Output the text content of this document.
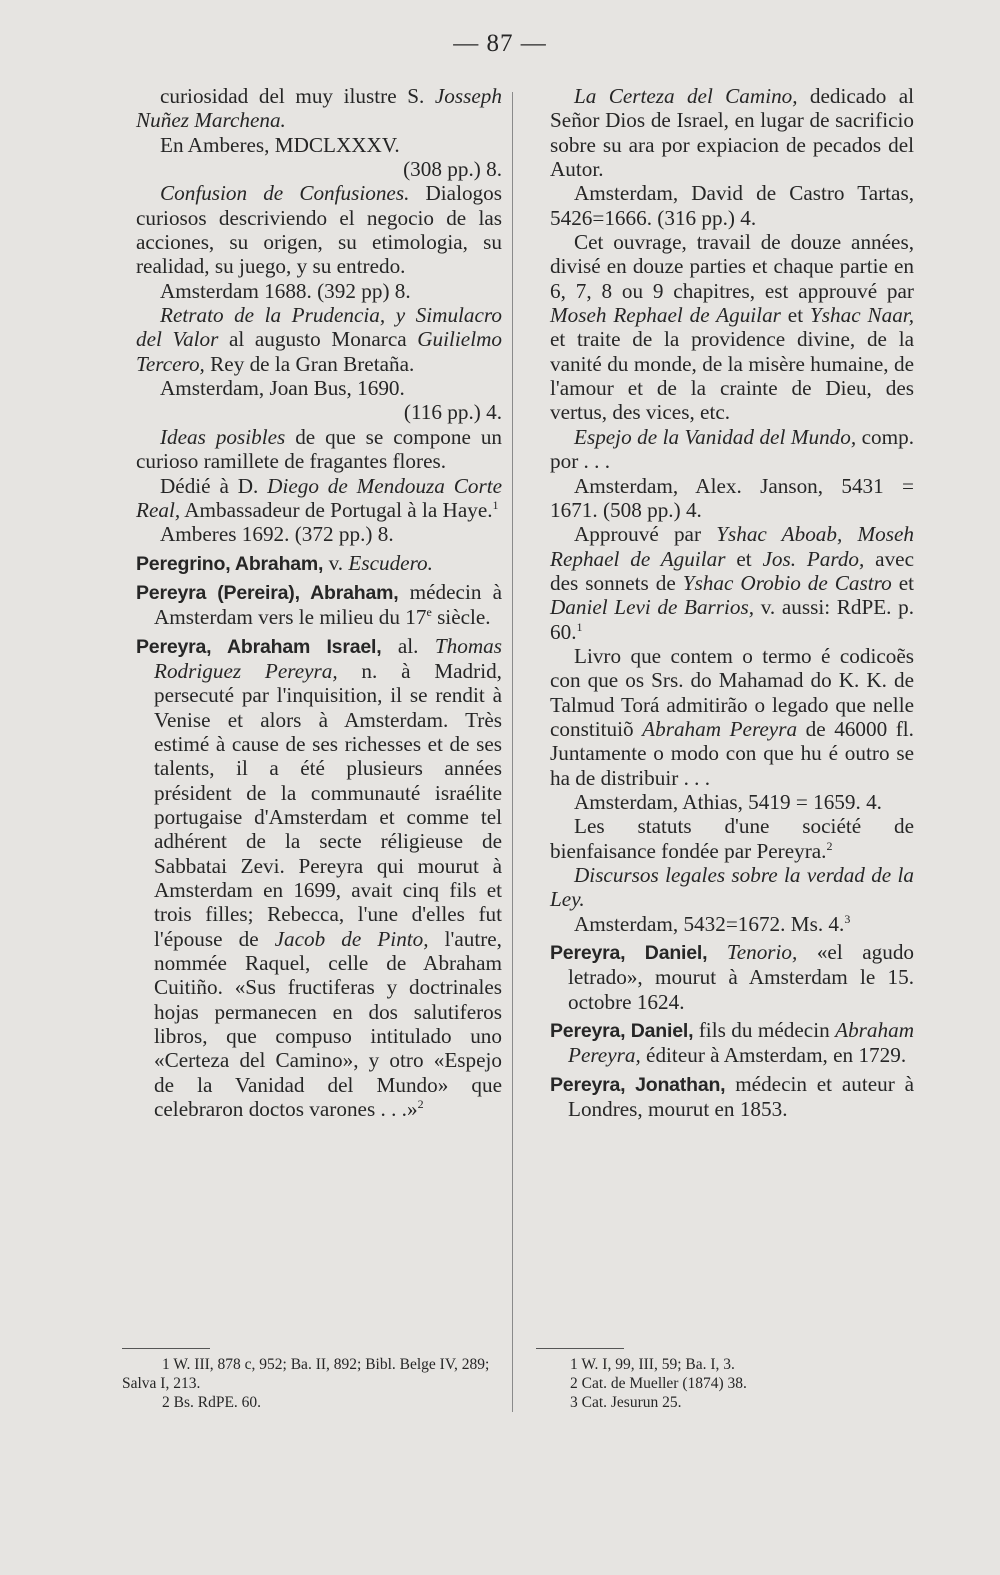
— 87 —

curiosidad del muy ilustre S. Josseph Nuñez Marchena.

En Amberes, MDCLXXXV.

(308 pp.) 8.

Confusion de Confusiones. Dialogos curiosos descriviendo el negocio de las acciones, su origen, su etimologia, su realidad, su juego, y su entredo.

Amsterdam 1688. (392 pp) 8.

Retrato de la Prudencia, y Simulacro del Valor al augusto Monarca Guilielmo Tercero, Rey de la Gran Bretaña.

Amsterdam, Joan Bus, 1690.

(116 pp.) 4.

Ideas posibles de que se compone un curioso ramillete de fragantes flores.

Dédié à D. Diego de Mendouza Corte Real, Ambassadeur de Portugal à la Haye.$^1$

Amberes 1692. (372 pp.) 8.

Peregrino, Abraham, v. Escudero.

Pereyra (Pereira), Abraham, médecin à Amsterdam vers le milieu du 17e siècle.

Pereyra, Abraham Israel, al. Thomas Rodriguez Pereyra, n. à Madrid, persecuté par l'inquisition, il se rendit à Venise et alors à Amsterdam. Très estimé à cause de ses richesses et de ses talents, il a été plusieurs années président de la communauté israélite portugaise d'Amsterdam et comme tel adhérent de la secte réligieuse de Sabbatai Zevi. Pereyra qui mourut à Amsterdam en 1699, avait cinq fils et trois filles; Rebecca, l'une d'elles fut l'épouse de Jacob de Pinto, l'autre, nommée Raquel, celle de Abraham Cuitiño. «Sus fructiferas y doctrinales hojas permanecen en dos salutiferos libros, que compuso intitulado uno «Certeza del Camino», y otro «Espejo de la Vanidad del Mundo» que celebraron doctos varones . . .»$^2$

La Certeza del Camino, dedicado al Señor Dios de Israel, en lugar de sacrificio sobre su ara por expiacion de pecados del Autor.

Amsterdam, David de Castro Tartas, 5426=1666. (316 pp.) 4.

Cet ouvrage, travail de douze années, divisé en douze parties et chaque partie en 6, 7, 8 ou 9 chapitres, est approuvé par Moseh Rephael de Aguilar et Yshac Naar, et traite de la providence divine, de la vanité du monde, de la misère humaine, de l'amour et de la crainte de Dieu, des vertus, des vices, etc.

Espejo de la Vanidad del Mundo, comp. por . . .

Amsterdam, Alex. Janson, 5431 = 1671. (508 pp.) 4.

Approuvé par Yshac Aboab, Moseh Rephael de Aguilar et Jos. Pardo, avec des sonnets de Yshac Orobio de Castro et Daniel Levi de Barrios, v. aussi: RdPE. p. 60.$^1$

Livro que contem o termo é codicoẽs con que os Srs. do Mahamad do K. K. de Talmud Torá admitirão o legado que nelle constituiõ Abraham Pereyra de 46000 fl. Juntamente o modo con que hu é outro se ha de distribuir . . .

Amsterdam, Athias, 5419 = 1659. 4.

Les statuts d'une société de bienfaisance fondée par Pereyra.$^2$

Discursos legales sobre la verdad de la Ley.

Amsterdam, 5432=1672. Ms. 4.$^3$

Pereyra, Daniel, Tenorio, «el agudo letrado», mourut à Amsterdam le 15. octobre 1624.

Pereyra, Daniel, fils du médecin Abraham Pereyra, éditeur à Amsterdam, en 1729.

Pereyra, Jonathan, médecin et auteur à Londres, mourut en 1853.

1 W. III, 878 c, 952; Ba. II, 892; Bibl. Belge IV, 289; Salva I, 213.

2 Bs. RdPE. 60.

1 W. I, 99, III, 59; Ba. I, 3.

2 Cat. de Mueller (1874) 38.

3 Cat. Jesurun 25.
